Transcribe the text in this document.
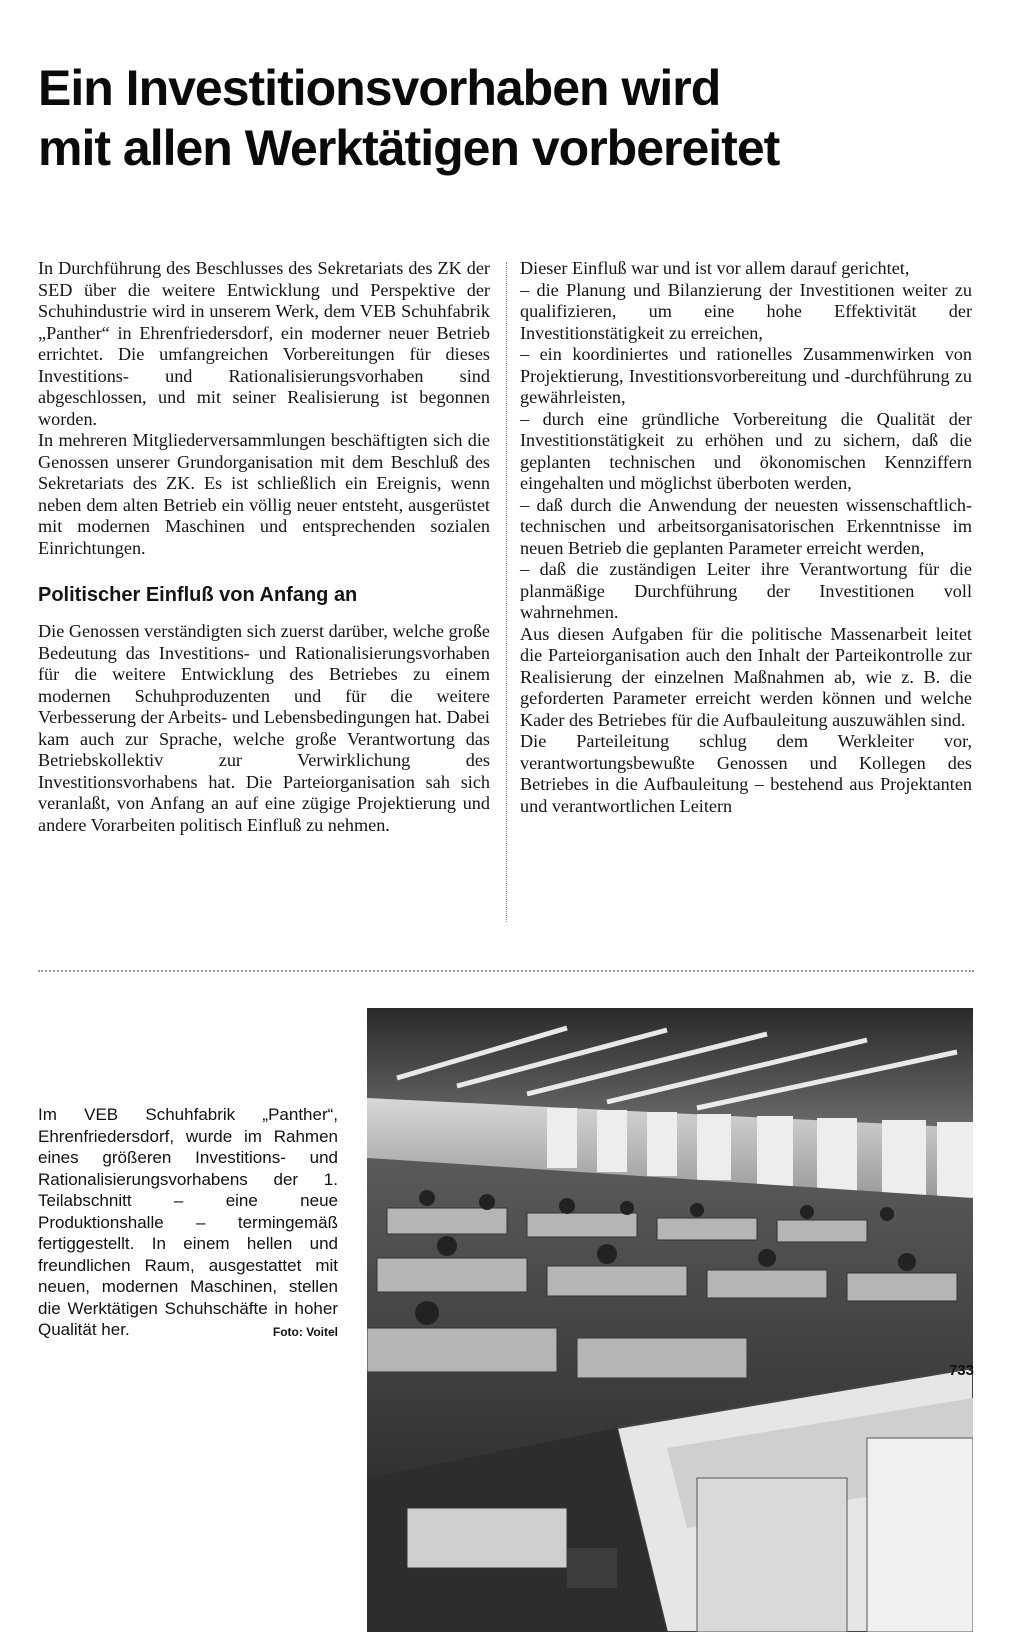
Ein Investitionsvorhaben wird
mit allen Werktätigen vorbereitet

In Durchführung des Beschlusses des Sekretariats des ZK der SED über die weitere Entwicklung und Perspektive der Schuhindustrie wird in unserem Werk, dem VEB Schuhfabrik „Panther“ in Ehrenfriedersdorf, ein moderner neuer Betrieb errichtet. Die umfangreichen Vorbereitungen für dieses Investitions- und Rationalisierungsvorhaben sind abgeschlossen, und mit seiner Realisierung ist begonnen worden.

In mehreren Mitgliederversammlungen beschäftigten sich die Genossen unserer Grundorganisation mit dem Beschluß des Sekretariats des ZK. Es ist schließlich ein Ereignis, wenn neben dem alten Betrieb ein völlig neuer entsteht, ausgerüstet mit modernen Maschinen und entsprechenden sozialen Einrichtungen.

Politischer Einfluß von Anfang an

Die Genossen verständigten sich zuerst darüber, welche große Bedeutung das Investitions- und Rationalisierungsvorhaben für die weitere Entwicklung des Betriebes zu einem modernen Schuhproduzenten und für die weitere Verbesserung der Arbeits- und Lebensbedingungen hat. Dabei kam auch zur Sprache, welche große Verantwortung das Betriebskollektiv zur Verwirklichung des Investitionsvorhabens hat. Die Parteiorganisation sah sich veranlaßt, von Anfang an auf eine zügige Projektierung und andere Vorarbeiten politisch Einfluß zu nehmen.

Dieser Einfluß war und ist vor allem darauf gerichtet,

– die Planung und Bilanzierung der Investitionen weiter zu qualifizieren, um eine hohe Effektivität der Investitionstätigkeit zu erreichen,

– ein koordiniertes und rationelles Zusammenwirken von Projektierung, Investitionsvorbereitung und -durchführung zu gewährleisten,

– durch eine gründliche Vorbereitung die Qualität der Investitionstätigkeit zu erhöhen und zu sichern, daß die geplanten technischen und ökonomischen Kennziffern eingehalten und möglichst überboten werden,

– daß durch die Anwendung der neuesten wissenschaftlich-technischen und arbeitsorganisatorischen Erkenntnisse im neuen Betrieb die geplanten Parameter erreicht werden,

– daß die zuständigen Leiter ihre Verantwortung für die planmäßige Durchführung der Investitionen voll wahrnehmen.

Aus diesen Aufgaben für die politische Massenarbeit leitet die Parteiorganisation auch den Inhalt der Parteikontrolle zur Realisierung der einzelnen Maßnahmen ab, wie z. B. die geforderten Parameter erreicht werden können und welche Kader des Betriebes für die Aufbauleitung auszuwählen sind.

Die Parteileitung schlug dem Werkleiter vor, verantwortungsbewußte Genossen und Kollegen des Betriebes in die Aufbauleitung – bestehend aus Projektanten und verantwortlichen Leitern

Im VEB Schuhfabrik „Panther“, Ehrenfriedersdorf, wurde im Rahmen eines größeren Investitions- und Rationalisierungsvorhabens der 1. Teilabschnitt – eine neue Produktionshalle – termingemäß fertiggestellt. In einem hellen und freundlichen Raum, ausgestattet mit neuen, modernen Maschinen, stellen die Werktätigen Schuhschäfte in hoher Qualität her.	Foto: Voitel
733
